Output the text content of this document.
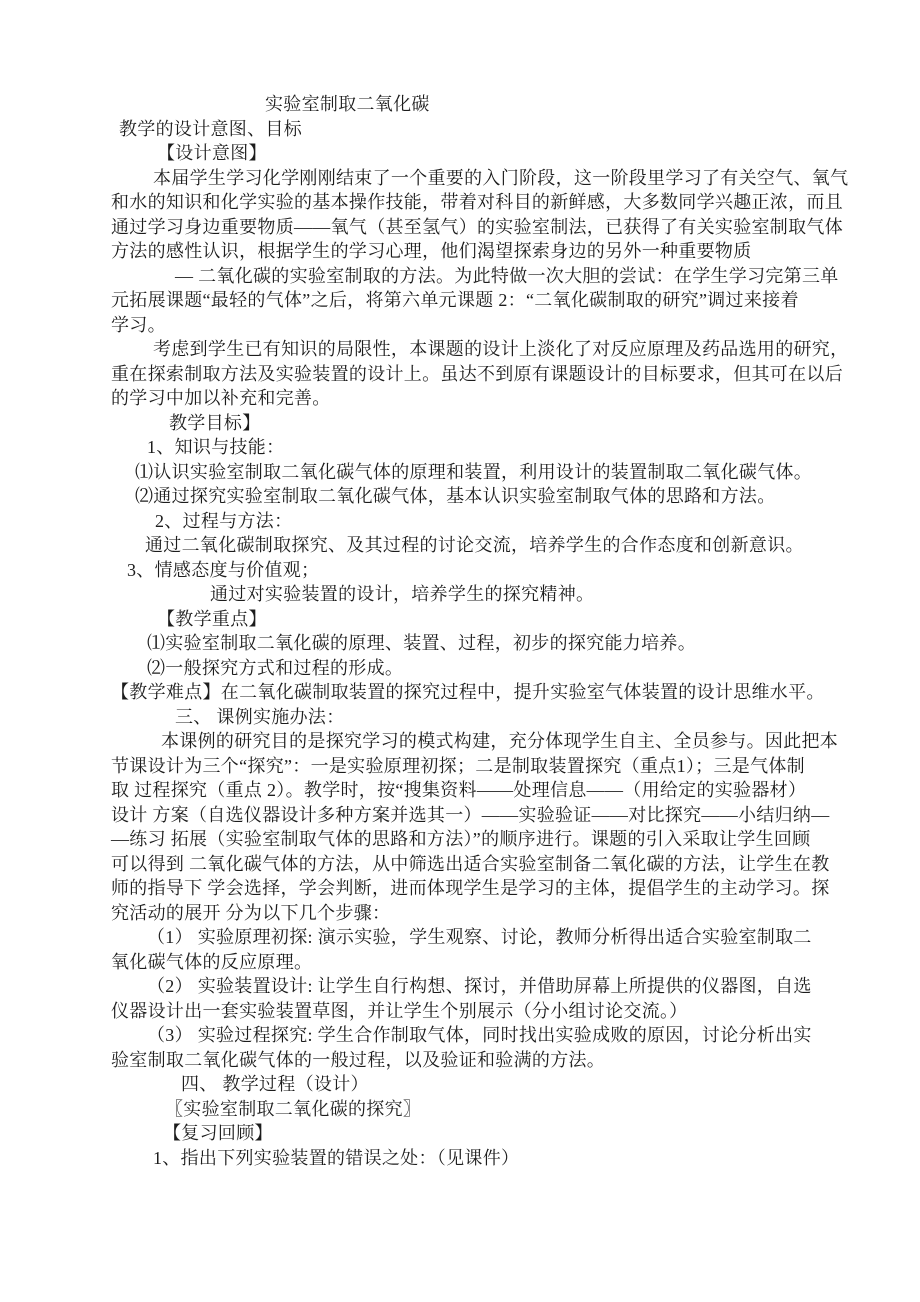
实验室制取二氧化碳
教学的设计意图、目标
【设计意图】
本届学生学习化学刚刚结束了一个重要的入门阶段，这一阶段里学习了有关空气、氧气
和水的知识和化学实验的基本操作技能，带着对科目的新鲜感，大多数同学兴趣正浓，而且
通过学习身边重要物质——氧气（甚至氢气）的实验室制法，已获得了有关实验室制取气体
方法的感性认识，根据学生的学习心理，他们渴望探索身边的另外一种重要物质
— 二氧化碳的实验室制取的方法。为此特做一次大胆的尝试：在学生学习完第三单
元拓展课题“最轻的气体”之后，将第六单元课题 2：“二氧化碳制取的研究”调过来接着
学习。
考虑到学生已有知识的局限性，本课题的设计上淡化了对反应原理及药品选用的研究，
重在探索制取方法及实验装置的设计上。虽达不到原有课题设计的目标要求，但其可在以后
的学习中加以补充和完善。
教学目标】
1、知识与技能：
⑴认识实验室制取二氧化碳气体的原理和装置，利用设计的装置制取二氧化碳气体。
⑵通过探究实验室制取二氧化碳气体，基本认识实验室制取气体的思路和方法。
2、过程与方法：
通过二氧化碳制取探究、及其过程的讨论交流，培养学生的合作态度和创新意识。
3、情感态度与价值观；
通过对实验装置的设计，培养学生的探究精神。
【教学重点】
⑴实验室制取二氧化碳的原理、装置、过程，初步的探究能力培养。
⑵一般探究方式和过程的形成。
【教学难点】在二氧化碳制取装置的探究过程中，提升实验室气体装置的设计思维水平。
三、 课例实施办法：
本课例的研究目的是探究学习的模式构建，充分体现学生自主、全员参与。因此把本
节课设计为三个“探究”：一是实验原理初探；二是制取装置探究（重点1）；三是气体制
取 过程探究（重点 2）。教学时，按“搜集资料——处理信息——（用给定的实验器材）
设计 方案（自选仪器设计多种方案并选其一）——实验验证——对比探究——小结归纳—
—练习 拓展（实验室制取气体的思路和方法）”的顺序进行。课题的引入采取让学生回顾
可以得到 二氧化碳气体的方法，从中筛选出适合实验室制备二氧化碳的方法，让学生在教
师的指导下 学会选择，学会判断，进而体现学生是学习的主体，提倡学生的主动学习。探
究活动的展开 分为以下几个步骤：
（1） 实验原理初探: 演示实验，学生观察、讨论，教师分析得出适合实验室制取二
氧化碳气体的反应原理。
（2） 实验装置设计: 让学生自行构想、探讨，并借助屏幕上所提供的仪器图，自选
仪器设计出一套实验装置草图，并让学生个别展示（分小组讨论交流。）
（3） 实验过程探究: 学生合作制取气体，同时找出实验成败的原因，讨论分析出实
验室制取二氧化碳气体的一般过程，以及验证和验满的方法。
四、 教学过程（设计）
〖实验室制取二氧化碳的探究〗
【复习回顾】
1、指出下列实验装置的错误之处：（见课件）
